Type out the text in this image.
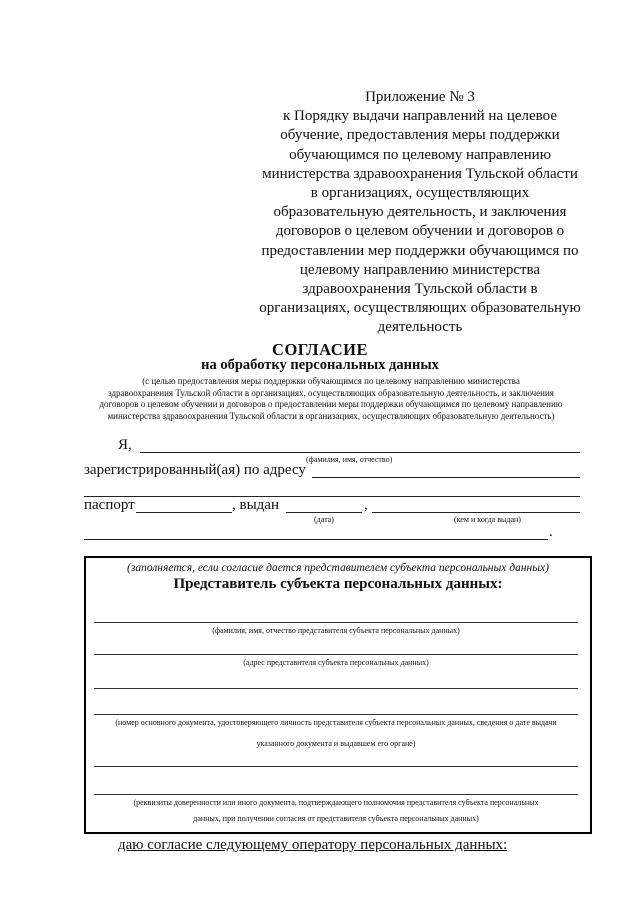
Приложение № 3
к Порядку выдачи направлений на целевое
обучение, предоставления меры поддержки
обучающимся по целевому направлению
министерства здравоохранения Тульской области
в организациях, осуществляющих
образовательную деятельность, и заключения
договоров о целевом обучении и договоров о
предоставлении мер поддержки обучающимся по
целевому направлению министерства
здравоохранения Тульской области в
организациях, осуществляющих образовательную
деятельность
СОГЛАСИЕ
на обработку персональных данных
(с целью предоставления меры поддержки обучающимся по целевому направлению министерства
здравоохранения Тульской области в организациях, осуществляющих образовательную деятельность, и заключения
договоров о целевом обучении и договоров о предоставлении меры поддержки обучающимся по целевому направлению
министерства здравоохранения Тульской области в организациях, осуществляющих образовательную деятельность)
Я,
(фамилия, имя, отчество)
зарегистрированный(ая) по адресу
паспорт	, выдан	,
(дата)	(кем и когда выдан)
.
(заполняется, если согласие дается представителем субъекта персональных данных)
Представитель субъекта персональных данных:
(фамилия, имя, отчество представителя субъекта персональных данных)
(адрес представителя субъекта персональных данных)
(номер основного документа, удостоверяющего личность представителя субъекта персональных данных, сведения о дате выдачи
указанного документа и выдавшем его органе)
(реквизиты доверенности или иного документа, подтверждающего полномочия представителя субъекта персональных
данных, при получении согласия от представителя субъекта персональных данных)
даю согласие следующему оператору персональных данных:
